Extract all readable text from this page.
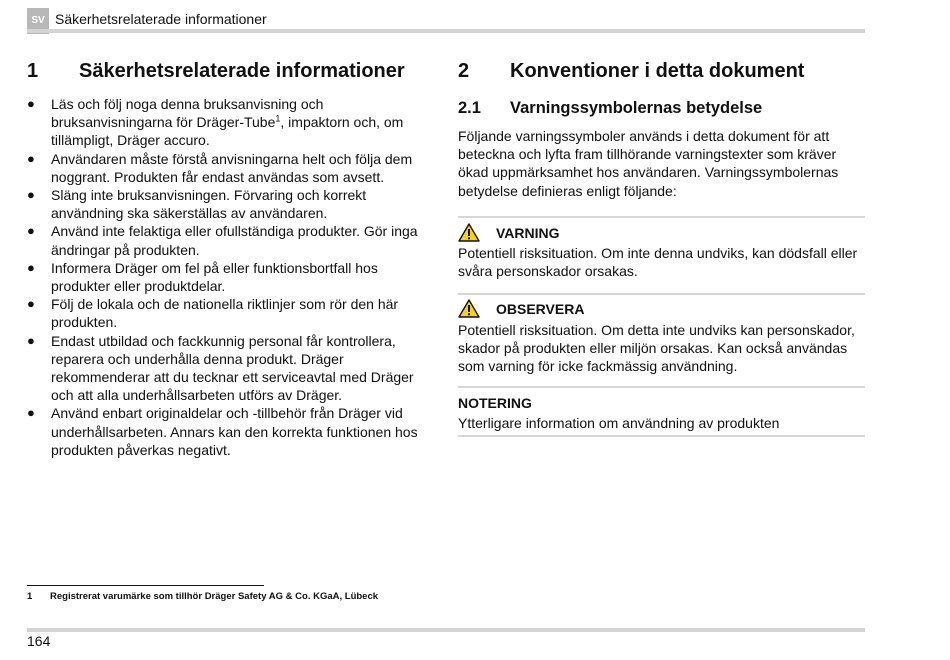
SV Säkerhetsrelaterade informationer
1 Säkerhetsrelaterade informationer
● Läs och följ noga denna bruksanvisning och bruksanvisningarna för Dräger-Tube$^1$, impaktorn och, om tillämpligt, Dräger accuro.
● Användaren måste förstå anvisningarna helt och följa dem noggrant. Produkten får endast användas som avsett.
● Släng inte bruksanvisningen. Förvaring och korrekt användning ska säkerställas av användaren.
● Använd inte felaktiga eller ofullständiga produkter. Gör inga ändringar på produkten.
● Informera Dräger om fel på eller funktionsbortfall hos produkter eller produktdelar.
● Följ de lokala och de nationella riktlinjer som rör den här produkten.
● Endast utbildad och fackkunnig personal får kontrollera, reparera och underhålla denna produkt. Dräger rekommenderar att du tecknar ett serviceavtal med Dräger och att alla underhållsarbeten utförs av Dräger.
● Använd enbart originaldelar och -tillbehör från Dräger vid underhållsarbeten. Annars kan den korrekta funktionen hos produkten påverkas negativt.
2 Konventioner i detta dokument
2.1 Varningssymbolernas betydelse
Följande varningssymboler används i detta dokument för att beteckna och lyfta fram tillhörande varningstexter som kräver ökad uppmärksamhet hos användaren. Varningssymbolernas betydelse definieras enligt följande:
VARNING
Potentiell risksituation. Om inte denna undviks, kan dödsfall eller svåra personskador orsakas.
OBSERVERA
Potentiell risksituation. Om detta inte undviks kan personskador, skador på produkten eller miljön orsakas. Kan också användas som varning för icke fackmässig användning.
NOTERING
Ytterligare information om användning av produkten
1 Registrerat varumärke som tillhör Dräger Safety AG & Co. KGaA, Lübeck
164
